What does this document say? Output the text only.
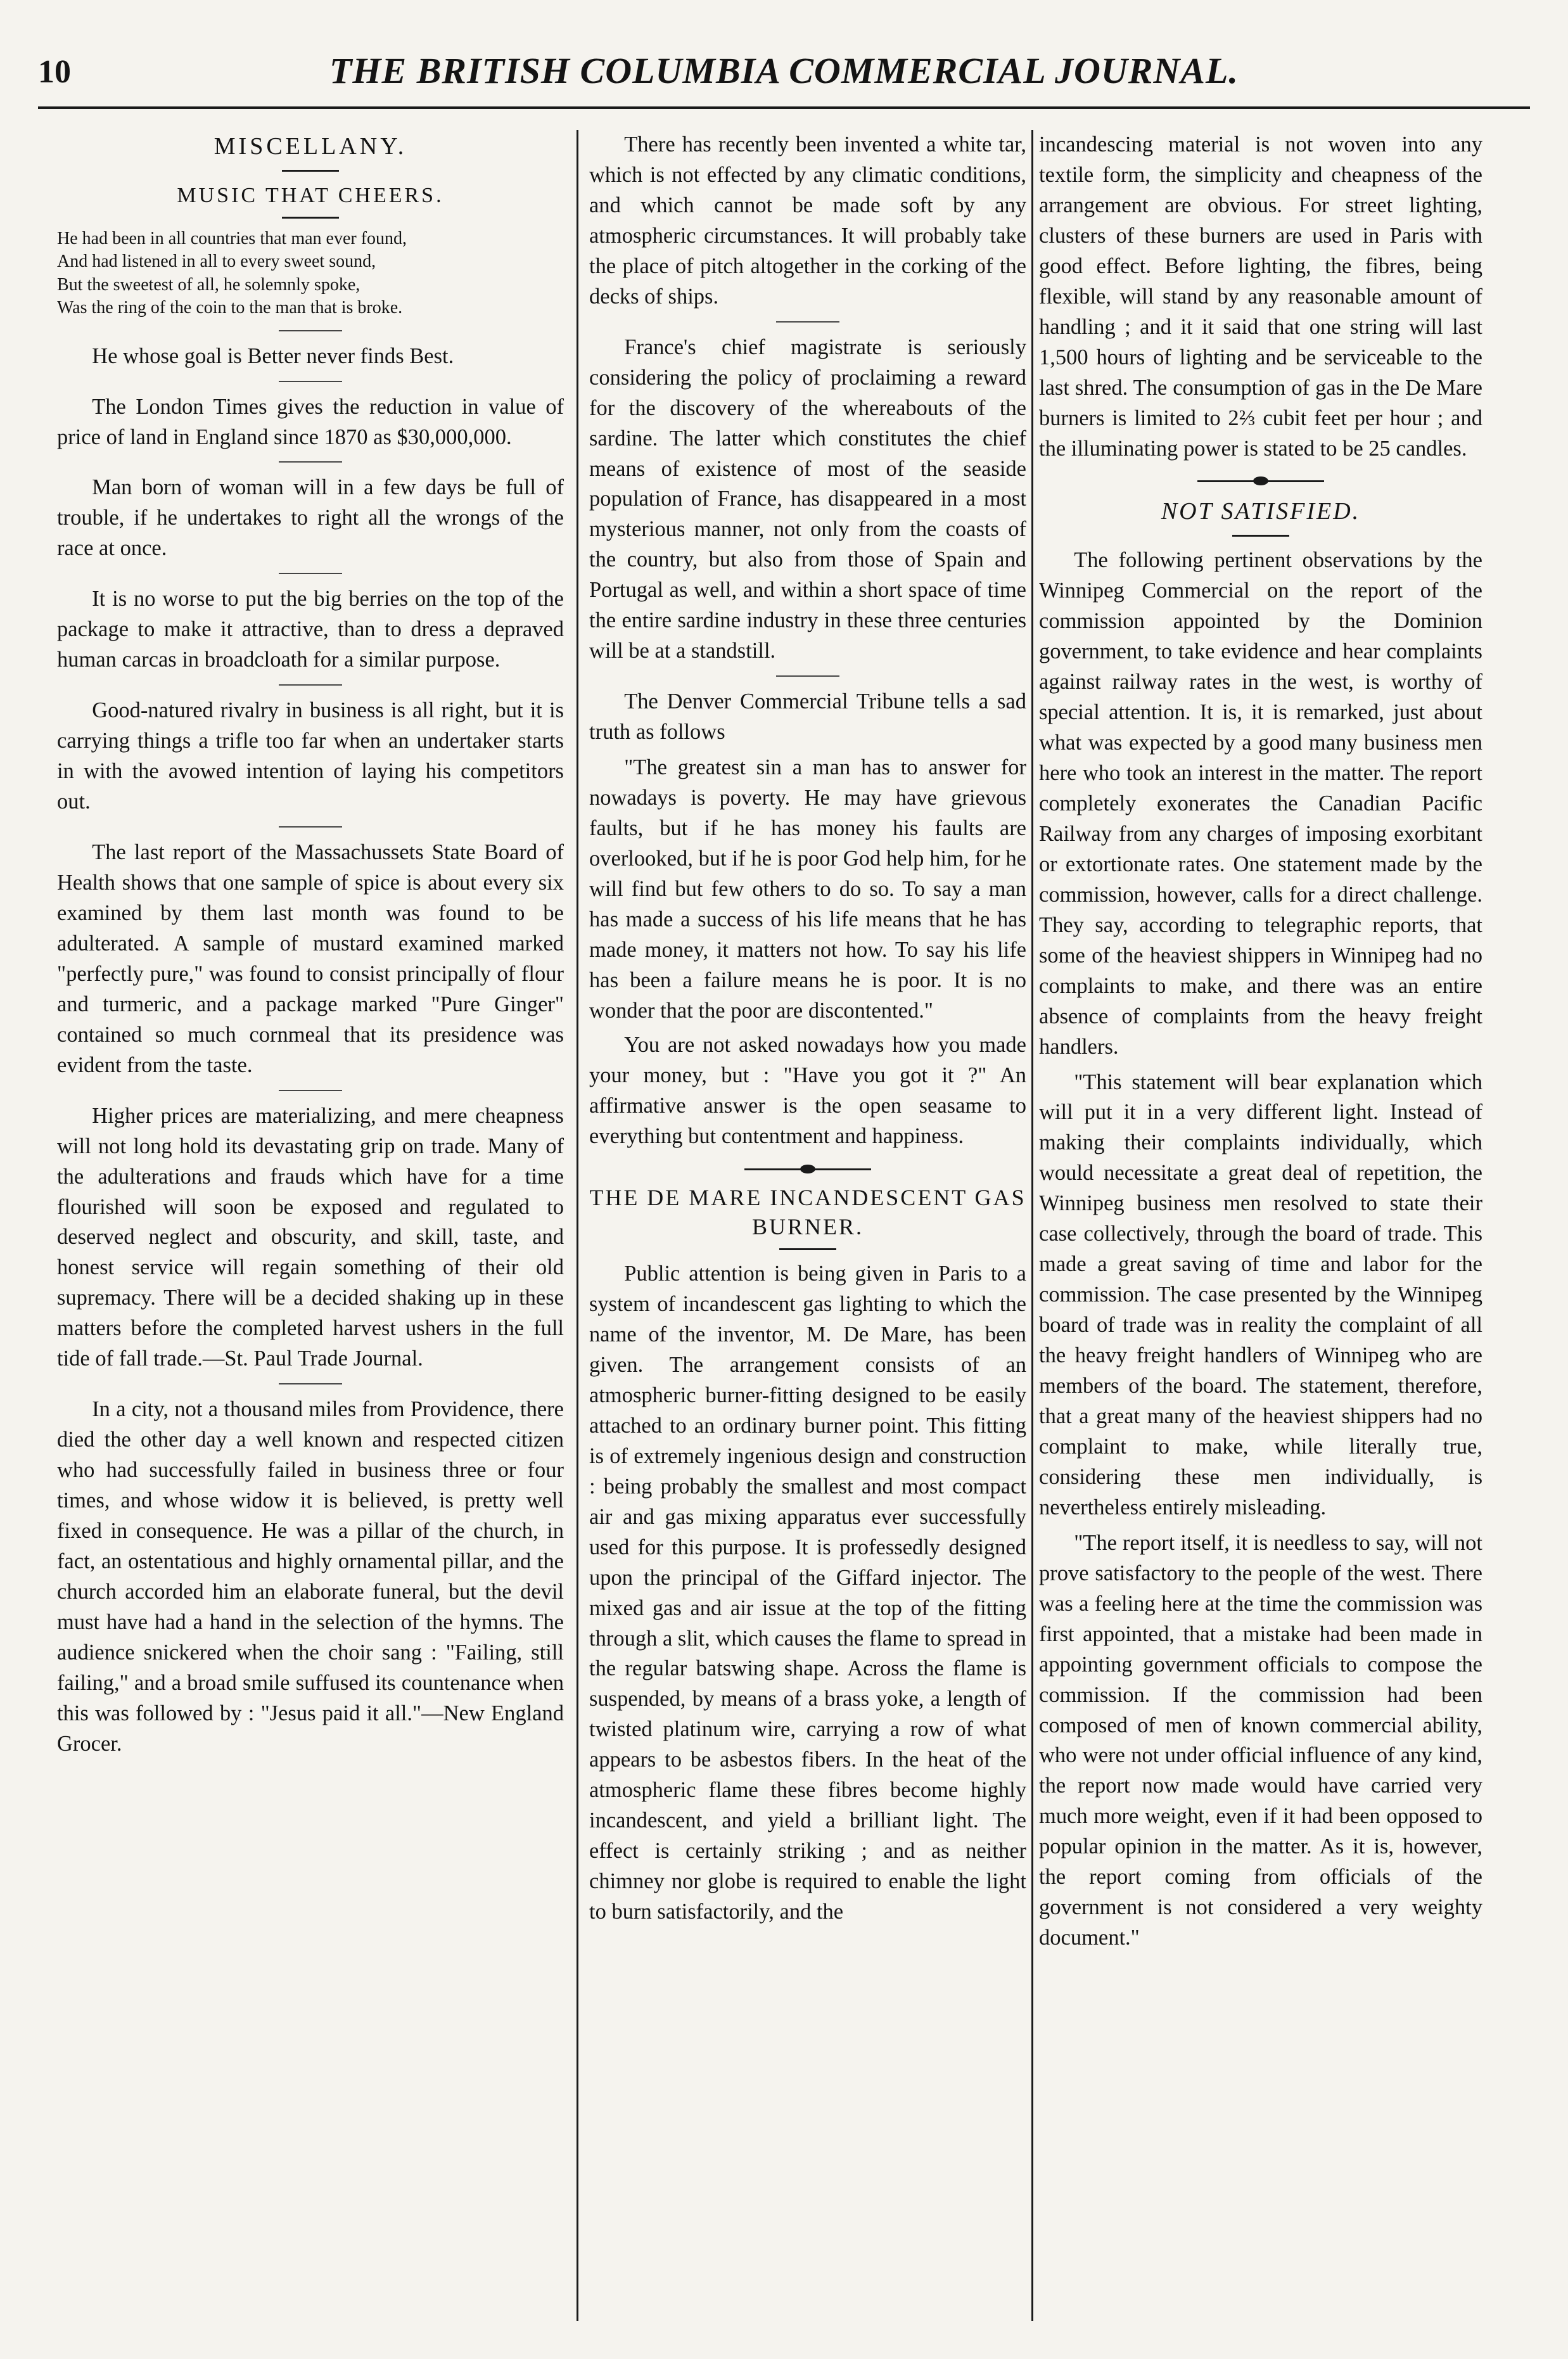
10	THE BRITISH COLUMBIA COMMERCIAL JOURNAL.
MISCELLANY.
MUSIC THAT CHEERS.
He had been in all countries that man ever found,
And had listened in all to every sweet sound,
But the sweetest of all, he solemnly spoke,
Was the ring of the coin to the man that is broke.

He whose goal is Better never finds Best.

The London Times gives the reduction in value of price of land in England since 1870 as $30,000,000.

Man born of woman will in a few days be full of trouble, if he undertakes to right all the wrongs of the race at once.

It is no worse to put the big berries on the top of the package to make it attractive, than to dress a depraved human carcas in broadcloath for a similar purpose.

Good-natured rivalry in business is all right, but it is carrying things a trifle too far when an undertaker starts in with the avowed intention of laying his competitors out.

The last report of the Massachussets State Board of Health shows that one sample of spice is about every six examined by them last month was found to be adulterated. A sample of mustard examined marked "perfectly pure," was found to consist principally of flour and turmeric, and a package marked "Pure Ginger" contained so much cornmeal that its presidence was evident from the taste.

Higher prices are materializing, and mere cheapness will not long hold its devastating grip on trade. Many of the adulterations and frauds which have for a time flourished will soon be exposed and regulated to deserved neglect and obscurity, and skill, taste, and honest service will regain something of their old supremacy. There will be a decided shaking up in these matters before the completed harvest ushers in the full tide of fall trade.—St. Paul Trade Journal.

In a city, not a thousand miles from Providence, there died the other day a well known and respected citizen who had successfully failed in business three or four times, and whose widow it is believed, is pretty well fixed in consequence. He was a pillar of the church, in fact, an ostentatious and highly ornamental pillar, and the church accorded him an elaborate funeral, but the devil must have had a hand in the selection of the hymns. The audience snickered when the choir sang : "Failing, still failing," and a broad smile suffused its countenance when this was followed by : "Jesus paid it all."—New England Grocer.

There has recently been invented a white tar, which is not effected by any climatic conditions, and which cannot be made soft by any atmospheric circumstances. It will probably take the place of pitch altogether in the corking of the decks of ships.

France's chief magistrate is seriously considering the policy of proclaiming a reward for the discovery of the whereabouts of the sardine. The latter which constitutes the chief means of existence of most of the seaside population of France, has disappeared in a most mysterious manner, not only from the coasts of the country, but also from those of Spain and Portugal as well, and within a short space of time the entire sardine industry in these three centuries will be at a standstill.

The Denver Commercial Tribune tells a sad truth as follows

"The greatest sin a man has to answer for nowadays is poverty. He may have grievous faults, but if he has money his faults are overlooked, but if he is poor God help him, for he will find but few others to do so. To say a man has made a success of his life means that he has made money, it matters not how. To say his life has been a failure means he is poor. It is no wonder that the poor are discontented."

You are not asked nowadays how you made your money, but : "Have you got it ?" An affirmative answer is the open seasame to everything but contentment and happiness.

THE DE MARE INCANDESCENT GAS BURNER.

Public attention is being given in Paris to a system of incandescent gas lighting to which the name of the inventor, M. De Mare, has been given. The arrangement consists of an atmospheric burner-fitting designed to be easily attached to an ordinary burner point. This fitting is of extremely ingenious design and construction : being probably the smallest and most compact air and gas mixing apparatus ever successfully used for this purpose. It is professedly designed upon the principal of the Giffard injector. The mixed gas and air issue at the top of the fitting through a slit, which causes the flame to spread in the regular batswing shape. Across the flame is suspended, by means of a brass yoke, a length of twisted platinum wire, carrying a row of what appears to be asbestos fibers. In the heat of the atmospheric flame these fibres become highly incandescent, and yield a brilliant light. The effect is certainly striking ; and as neither chimney nor globe is required to enable the light to burn satisfactorily, and the

incandescing material is not woven into any textile form, the simplicity and cheapness of the arrangement are obvious. For street lighting, clusters of these burners are used in Paris with good effect. Before lighting, the fibres, being flexible, will stand by any reasonable amount of handling ; and it it said that one string will last 1,500 hours of lighting and be serviceable to the last shred. The consumption of gas in the De Mare burners is limited to 2⅔ cubit feet per hour ; and the illuminating power is stated to be 25 candles.

NOT SATISFIED.

The following pertinent observations by the Winnipeg Commercial on the report of the commission appointed by the Dominion government, to take evidence and hear complaints against railway rates in the west, is worthy of special attention. It is, it is remarked, just about what was expected by a good many business men here who took an interest in the matter. The report completely exonerates the Canadian Pacific Railway from any charges of imposing exorbitant or extortionate rates. One statement made by the commission, however, calls for a direct challenge. They say, according to telegraphic reports, that some of the heaviest shippers in Winnipeg had no complaints to make, and there was an entire absence of complaints from the heavy freight handlers.

"This statement will bear explanation which will put it in a very different light. Instead of making their complaints individually, which would necessitate a great deal of repetition, the Winnipeg business men resolved to state their case collectively, through the board of trade. This made a great saving of time and labor for the commission. The case presented by the Winnipeg board of trade was in reality the complaint of all the heavy freight handlers of Winnipeg who are members of the board. The statement, therefore, that a great many of the heaviest shippers had no complaint to make, while literally true, considering these men individually, is nevertheless entirely misleading.

"The report itself, it is needless to say, will not prove satisfactory to the people of the west. There was a feeling here at the time the commission was first appointed, that a mistake had been made in appointing government officials to compose the commission. If the commission had been composed of men of known commercial ability, who were not under official influence of any kind, the report now made would have carried very much more weight, even if it had been opposed to popular opinion in the matter. As it is, however, the report coming from officials of the government is not considered a very weighty document."
